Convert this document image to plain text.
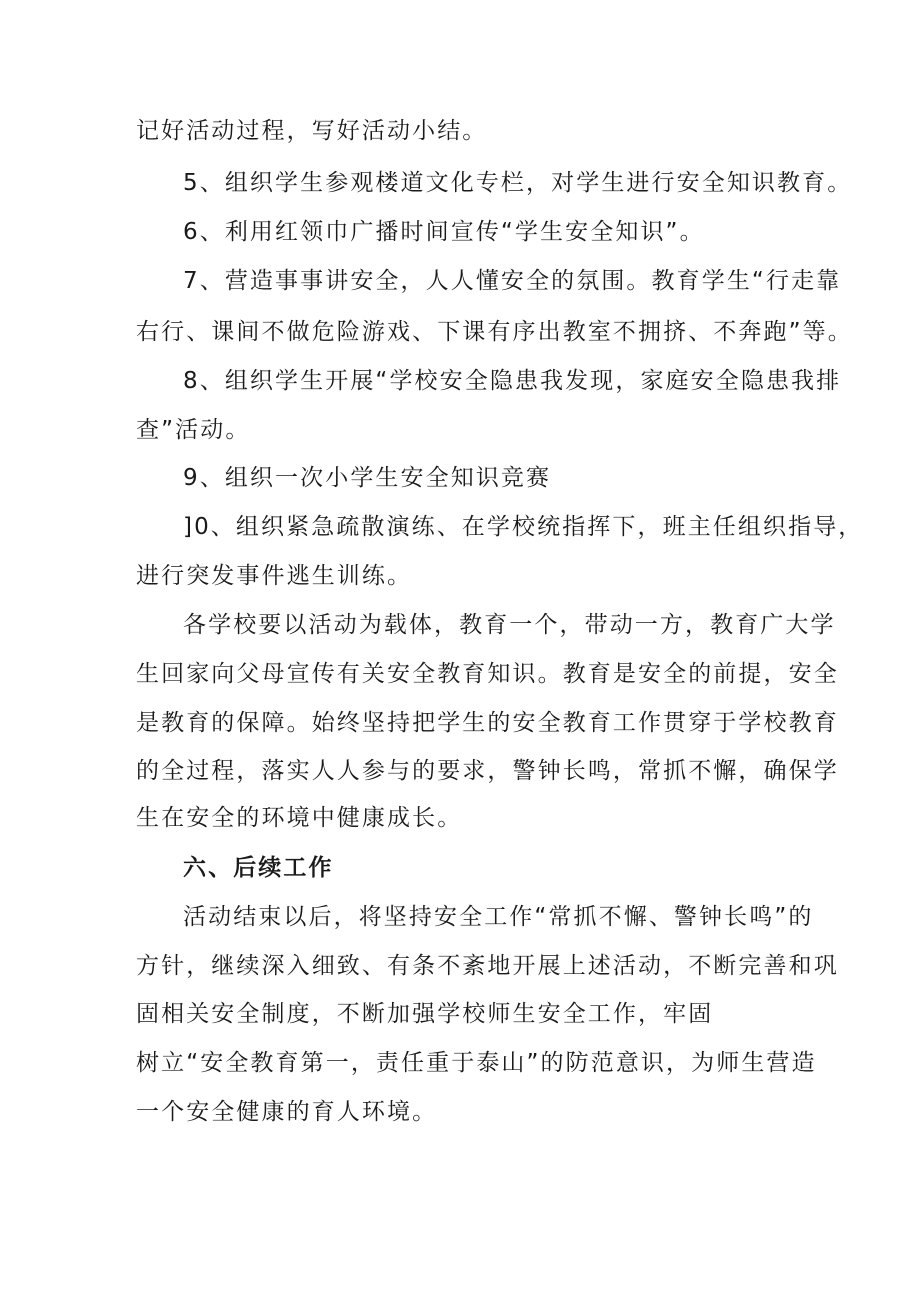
记好活动过程，写好活动小结。
5、组织学生参观楼道文化专栏，对学生进行安全知识教育。
6、利用红领巾广播时间宣传“学生安全知识”。
7、营造事事讲安全，人人懂安全的氛围。教育学生“行走靠
右行、课间不做危险游戏、下课有序出教室不拥挤、不奔跑”等。
8、组织学生开展“学校安全隐患我发现，家庭安全隐患我排
查”活动。
9、组织一次小学生安全知识竞赛
]0、组织紧急疏散演练、在学校统指挥下，班主任组织指导，
进行突发事件逃生训练。
各学校要以活动为载体，教育一个，带动一方，教育广大学
生回家向父母宣传有关安全教育知识。教育是安全的前提，安全
是教育的保障。始终坚持把学生的安全教育工作贯穿于学校教育
的全过程，落实人人参与的要求，警钟长鸣，常抓不懈，确保学
生在安全的环境中健康成长。
六、后续工作
活动结束以后，将坚持安全工作“常抓不懈、警钟长鸣”的
方针，继续深入细致、有条不紊地开展上述活动，不断完善和巩
固相关安全制度，不断加强学校师生安全工作，牢固
树立“安全教育第一，责任重于泰山”的防范意识，为师生营造
一个安全健康的育人环境。
